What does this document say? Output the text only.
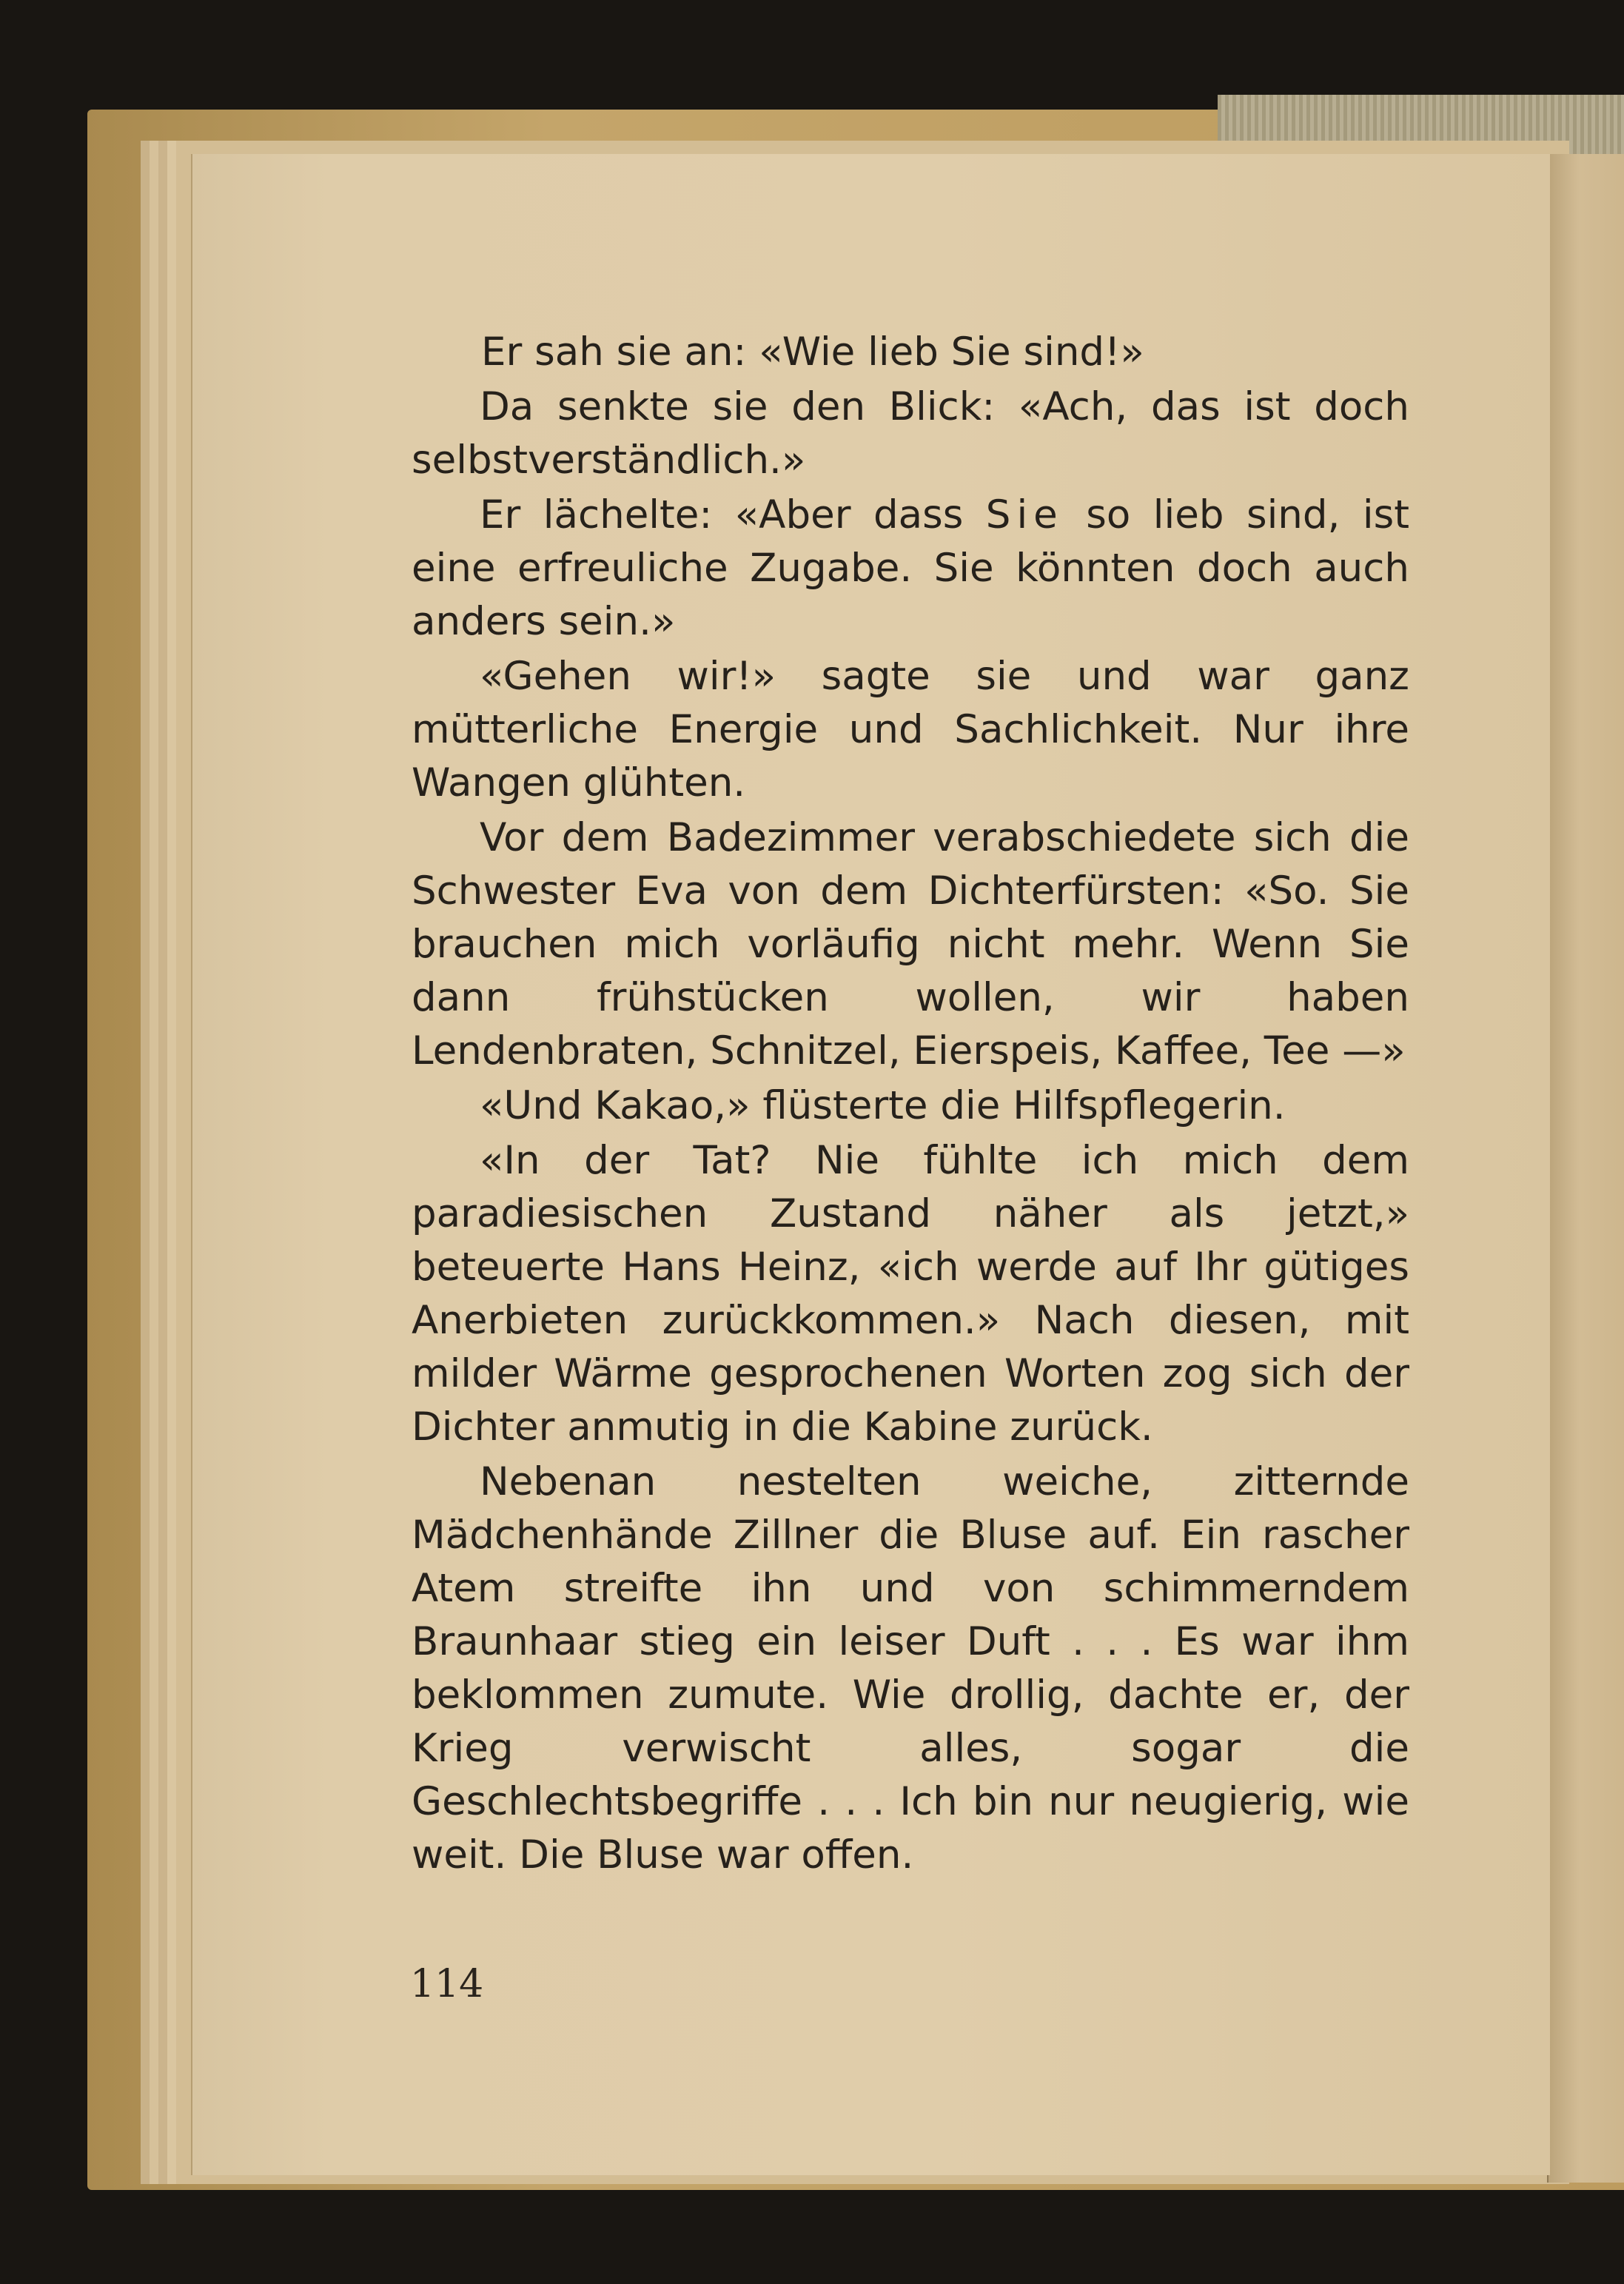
Er sah sie an: «Wie lieb Sie sind!»

Da senkte sie den Blick: «Ach, das ist doch selbstverständlich.»

Er lächelte: «Aber dass Sie so lieb sind, ist eine erfreuliche Zugabe. Sie könnten doch auch anders sein.»

«Gehen wir!» sagte sie und war ganz mütterliche Energie und Sachlichkeit. Nur ihre Wangen glühten.

Vor dem Badezimmer verabschiedete sich die Schwester Eva von dem Dichterfürsten: «So. Sie brauchen mich vorläufig nicht mehr. Wenn Sie dann frühstücken wollen, wir haben Lendenbraten, Schnitzel, Eierspeis, Kaffee, Tee —»

«Und Kakao,» flüsterte die Hilfspflegerin.

«In der Tat? Nie fühlte ich mich dem paradiesischen Zustand näher als jetzt,» beteuerte Hans Heinz, «ich werde auf Ihr gütiges Anerbieten zurückkommen.» Nach diesen, mit milder Wärme gesprochenen Worten zog sich der Dichter anmutig in die Kabine zurück.

Nebenan nestelten weiche, zitternde Mädchenhände Zillner die Bluse auf. Ein rascher Atem streifte ihn und von schimmerndem Braunhaar stieg ein leiser Duft . . . Es war ihm beklommen zumute. Wie drollig, dachte er, der Krieg verwischt alles, sogar die Geschlechtsbegriffe . . . Ich bin nur neugierig, wie weit. Die Bluse war offen.

114
